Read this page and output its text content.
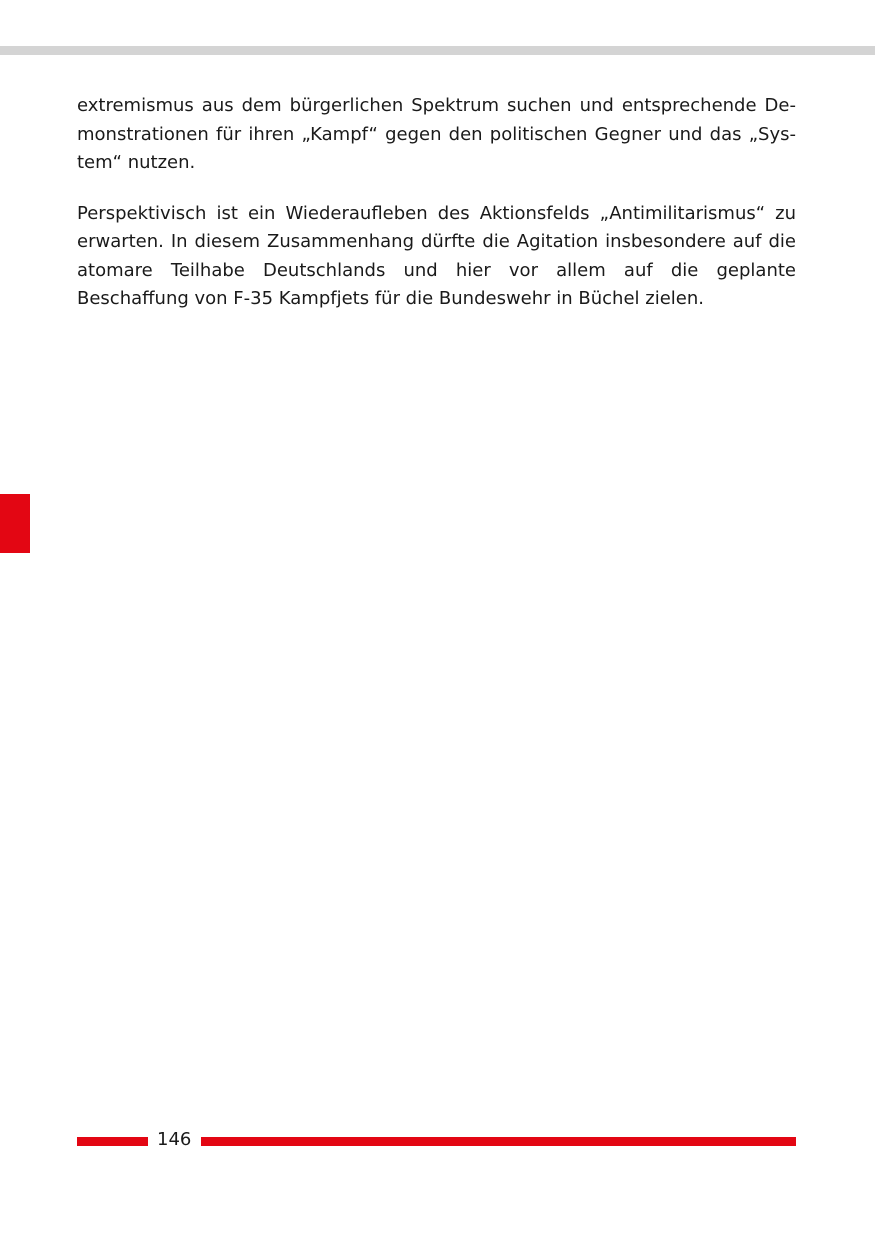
extremismus aus dem bürgerlichen Spektrum suchen und entsprechende Demonstrationen für ihren „Kampf“ gegen den politischen Gegner und das „System“ nutzen.

Perspektivisch ist ein Wiederaufleben des Aktionsfelds „Antimilitarismus“ zu erwarten. In diesem Zusammenhang dürfte die Agitation insbesondere auf die atomare Teilhabe Deutschlands und hier vor allem auf die geplante Beschaffung von F-35 Kampfjets für die Bundeswehr in Büchel zielen.

146
